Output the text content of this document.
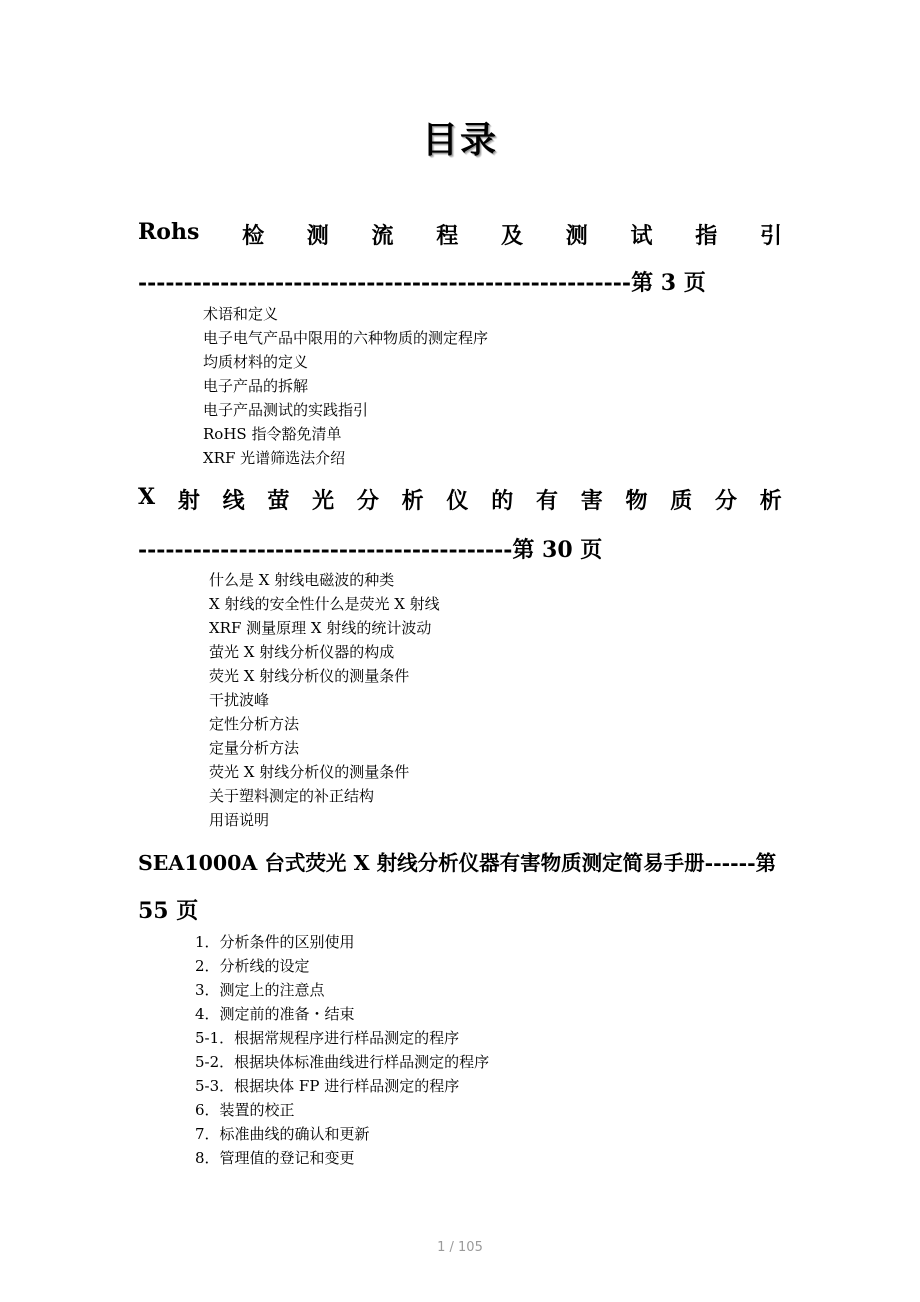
目录
Rohs 检 测 流 程 及 测 试 指 引
------------------------------------------------------第 3 页
术语和定义
电子电气产品中限用的六种物质的测定程序
均质材料的定义
电子产品的拆解
电子产品测试的实践指引
RoHS 指令豁免清单
XRF 光谱筛选法介绍
X 射 线 萤 光 分 析 仪 的 有 害 物 质 分 析
-----------------------------------------第 30 页
什么是 X 射线电磁波的种类
X 射线的安全性什么是荧光 X 射线
XRF 测量原理 X 射线的统计波动
萤光 X 射线分析仪器的构成
荧光 X 射线分析仪的测量条件
干扰波峰
定性分析方法
定量分析方法
荧光 X 射线分析仪的测量条件
关于塑料测定的补正结构
用语说明
SEA1000A 台式荧光 X 射线分析仪器有害物质测定简易手册------第
55 页
1．分析条件的区别使用
2．分析线的设定
3．测定上的注意点
4．测定前的准备・结束
5-1．根据常规程序进行样品测定的程序
5-2．根据块体标准曲线进行样品测定的程序
5-3．根据块体 FP 进行样品测定的程序
6．装置的校正
7．标准曲线的确认和更新
8．管理值的登记和变更
1 / 105
